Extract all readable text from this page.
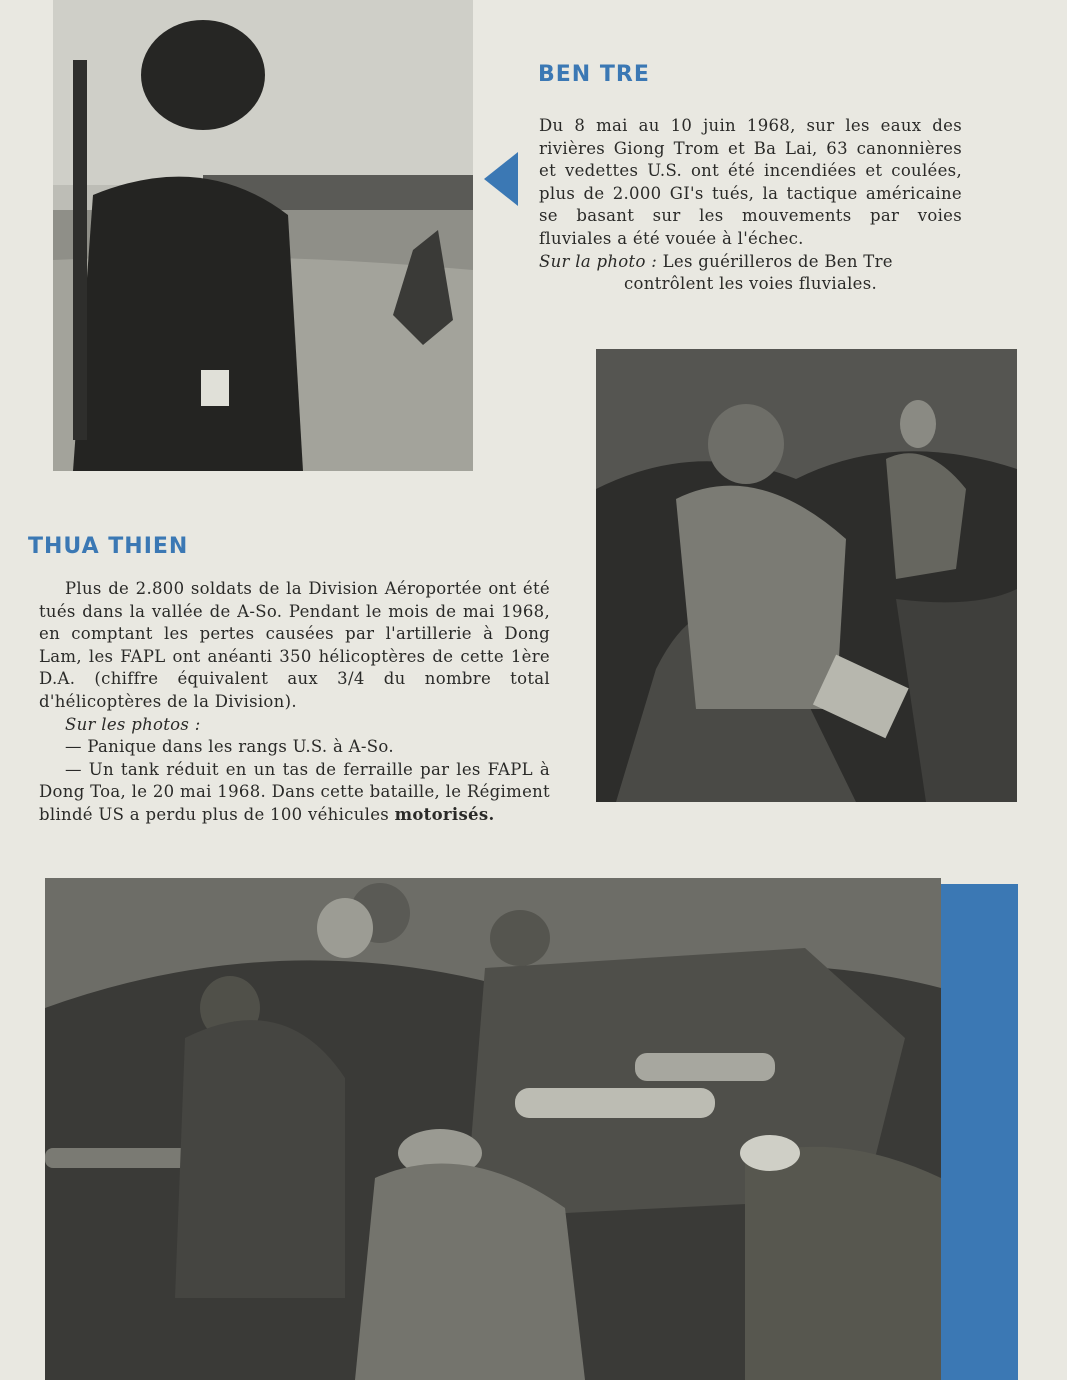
BEN TRE

Du 8 mai au 10 juin 1968, sur les eaux des rivières Giong Trom et Ba Lai, 63 canonnières et vedettes U.S. ont été incendiées et coulées, plus de 2.000 GI's tués, la tactique américaine se basant sur les mouvements par voies fluviales a été vouée à l'échec.

Sur la photo : Les guérilleros de Ben Tre

contrôlent les voies fluviales.

THUA THIEN

Plus de 2.800 soldats de la Division Aéroportée ont été tués dans la vallée de A-So. Pendant le mois de mai 1968, en comptant les pertes causées par l'artillerie à Dong Lam, les FAPL ont anéanti 350 hélicoptères de cette 1ère D.A. (chiffre équivalent aux 3/4 du nombre total d'hélicoptères de la Division).

Sur les photos :

— Panique dans les rangs U.S. à A-So.

— Un tank réduit en un tas de ferraille par les FAPL à Dong Toa, le 20 mai 1968. Dans cette bataille, le Régiment blindé US a perdu plus de 100 véhicules motorisés.
